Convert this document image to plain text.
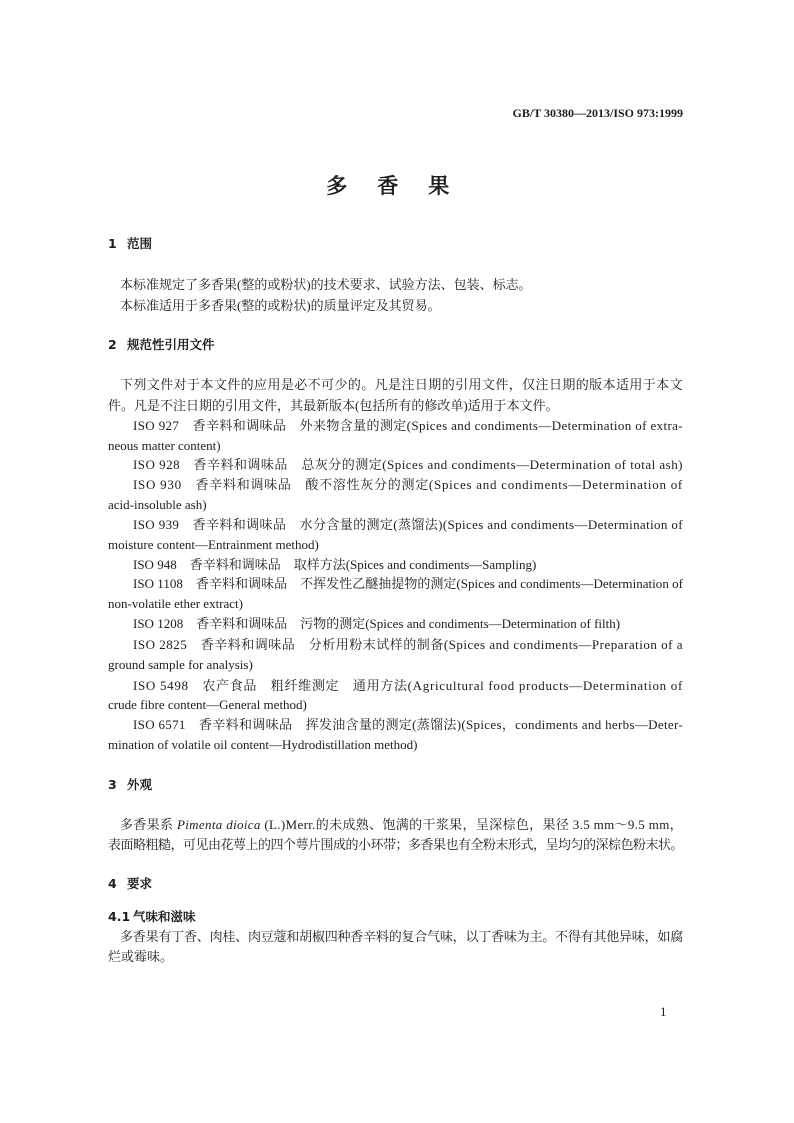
GB/T 30380—2013/ISO 973:1999
多　香　果
1 范围
本标准规定了多香果(整的或粉状)的技术要求、试验方法、包装、标志。
本标准适用于多香果(整的或粉状)的质量评定及其贸易。
2 规范性引用文件
下列文件对于本文件的应用是必不可少的。凡是注日期的引用文件，仅注日期的版本适用于本文
件。凡是不注日期的引用文件，其最新版本(包括所有的修改单)适用于本文件。
ISO 927　香辛料和调味品　外来物含量的测定(Spices and condiments—Determination of extra-
neous matter content)
ISO 928　香辛料和调味品　总灰分的测定(Spices and condiments—Determination of total ash)
ISO 930　香辛料和调味品　酸不溶性灰分的测定(Spices and condiments—Determination of
acid-insoluble ash)
ISO 939　香辛料和调味品　水分含量的测定(蒸馏法)(Spices and condiments—Determination of
moisture content—Entrainment method)
ISO 948　香辛料和调味品　取样方法(Spices and condiments—Sampling)
ISO 1108　香辛料和调味品　不挥发性乙醚抽提物的测定(Spices and condiments—Determination of
non-volatile ether extract)
ISO 1208　香辛料和调味品　污物的测定(Spices and condiments—Determination of filth)
ISO 2825　香辛料和调味品　分析用粉末试样的制备(Spices and condiments—Preparation of a
ground sample for analysis)
ISO 5498　农产食品　粗纤维测定　通用方法(Agricultural food products—Determination of
crude fibre content—General method)
ISO 6571　香辛料和调味品　挥发油含量的测定(蒸馏法)(Spices，condiments and herbs—Deter-
mination of volatile oil content—Hydrodistillation method)
3 外观
多香果系 Pimenta dioica (L.)Merr.的未成熟、饱满的干浆果，呈深棕色，果径 3.5 mm～9.5 mm，
表面略粗糙，可见由花萼上的四个萼片围成的小环带；多香果也有全粉末形式，呈均匀的深棕色粉末状。
4 要求
4.1 气味和滋味
多香果有丁香、肉桂、肉豆蔻和胡椒四种香辛料的复合气味，以丁香味为主。不得有其他异味，如腐
烂或霉味。
1
